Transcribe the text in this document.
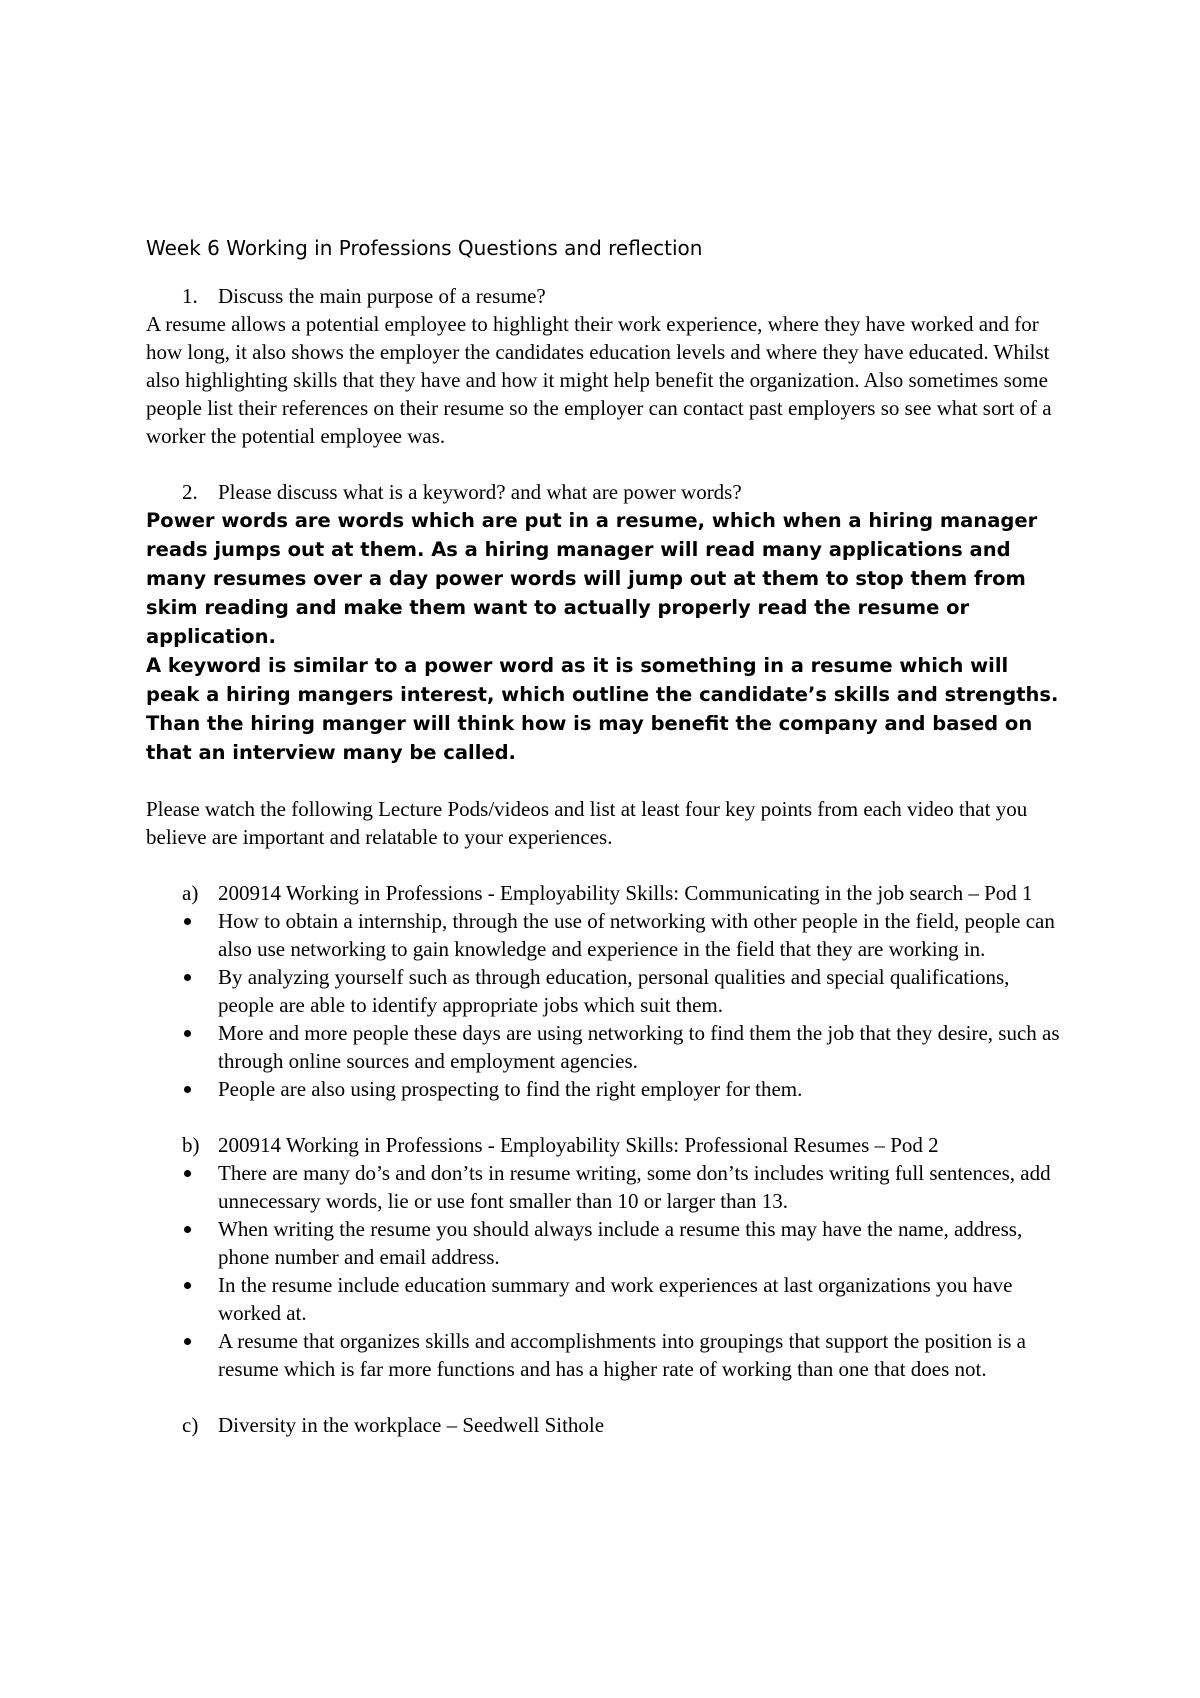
Week 6 Working in Professions Questions and reflection
1. Discuss the main purpose of a resume?

A resume allows a potential employee to highlight their work experience, where they have worked and for how long, it also shows the employer the candidates education levels and where they have educated. Whilst also highlighting skills that they have and how it might help benefit the organization. Also sometimes some people list their references on their resume so the employer can contact past employers so see what sort of a worker the potential employee was.

2. Please discuss what is a keyword? and what are power words?

Power words are words which are put in a resume, which when a hiring manager reads jumps out at them. As a hiring manager will read many applications and many resumes over a day power words will jump out at them to stop them from skim reading and make them want to actually properly read the resume or application.

A keyword is similar to a power word as it is something in a resume which will peak a hiring mangers interest, which outline the candidate’s skills and strengths. Than the hiring manger will think how is may benefit the company and based on that an interview many be called.

Please watch the following Lecture Pods/videos and list at least four key points from each video that you believe are important and relatable to your experiences.

a) 200914 Working in Professions - Employability Skills: Communicating in the job search – Pod 1
How to obtain a internship, through the use of networking with other people in the field, people can also use networking to gain knowledge and experience in the field that they are working in.
By analyzing yourself such as through education, personal qualities and special qualifications, people are able to identify appropriate jobs which suit them.
More and more people these days are using networking to find them the job that they desire, such as through online sources and employment agencies.
People are also using prospecting to find the right employer for them.
b) 200914 Working in Professions - Employability Skills: Professional Resumes – Pod 2
There are many do’s and don’ts in resume writing, some don’ts includes writing full sentences, add unnecessary words, lie or use font smaller than 10 or larger than 13.
When writing the resume you should always include a resume this may have the name, address, phone number and email address.
In the resume include education summary and work experiences at last organizations you have worked at.
A resume that organizes skills and accomplishments into groupings that support the position is a resume which is far more functions and has a higher rate of working than one that does not.
c) Diversity in the workplace – Seedwell Sithole
